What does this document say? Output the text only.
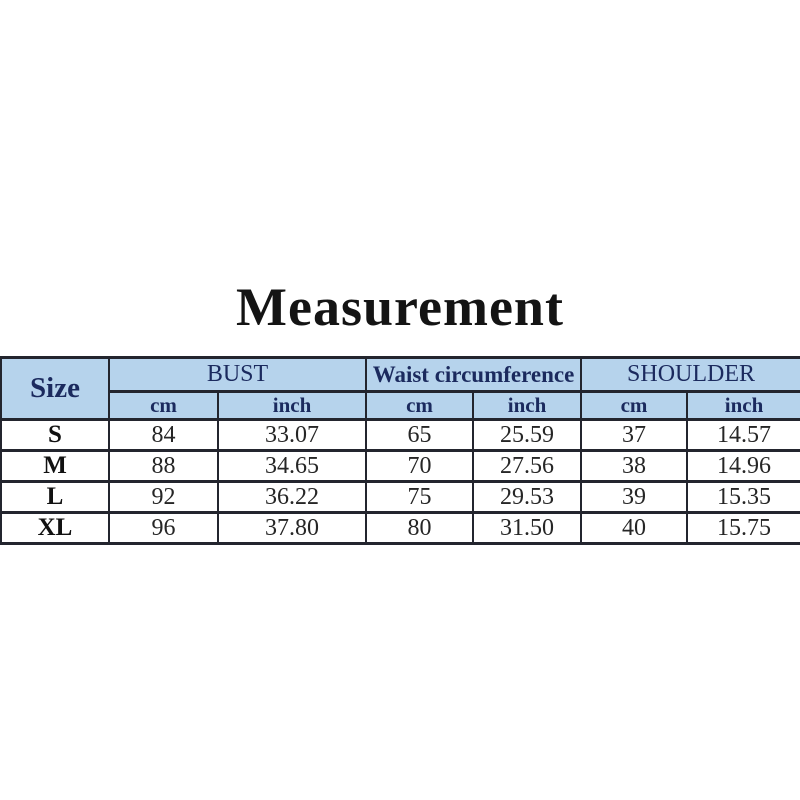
Measurement
Size	BUST		Waist circumference		SHOULDER	
	cm	inch	cm	inch	cm	inch
S	84	33.07	65	25.59	37	14.57
M	88	34.65	70	27.56	38	14.96
L	92	36.22	75	29.53	39	15.35
XL	96	37.80	80	31.50	40	15.75
